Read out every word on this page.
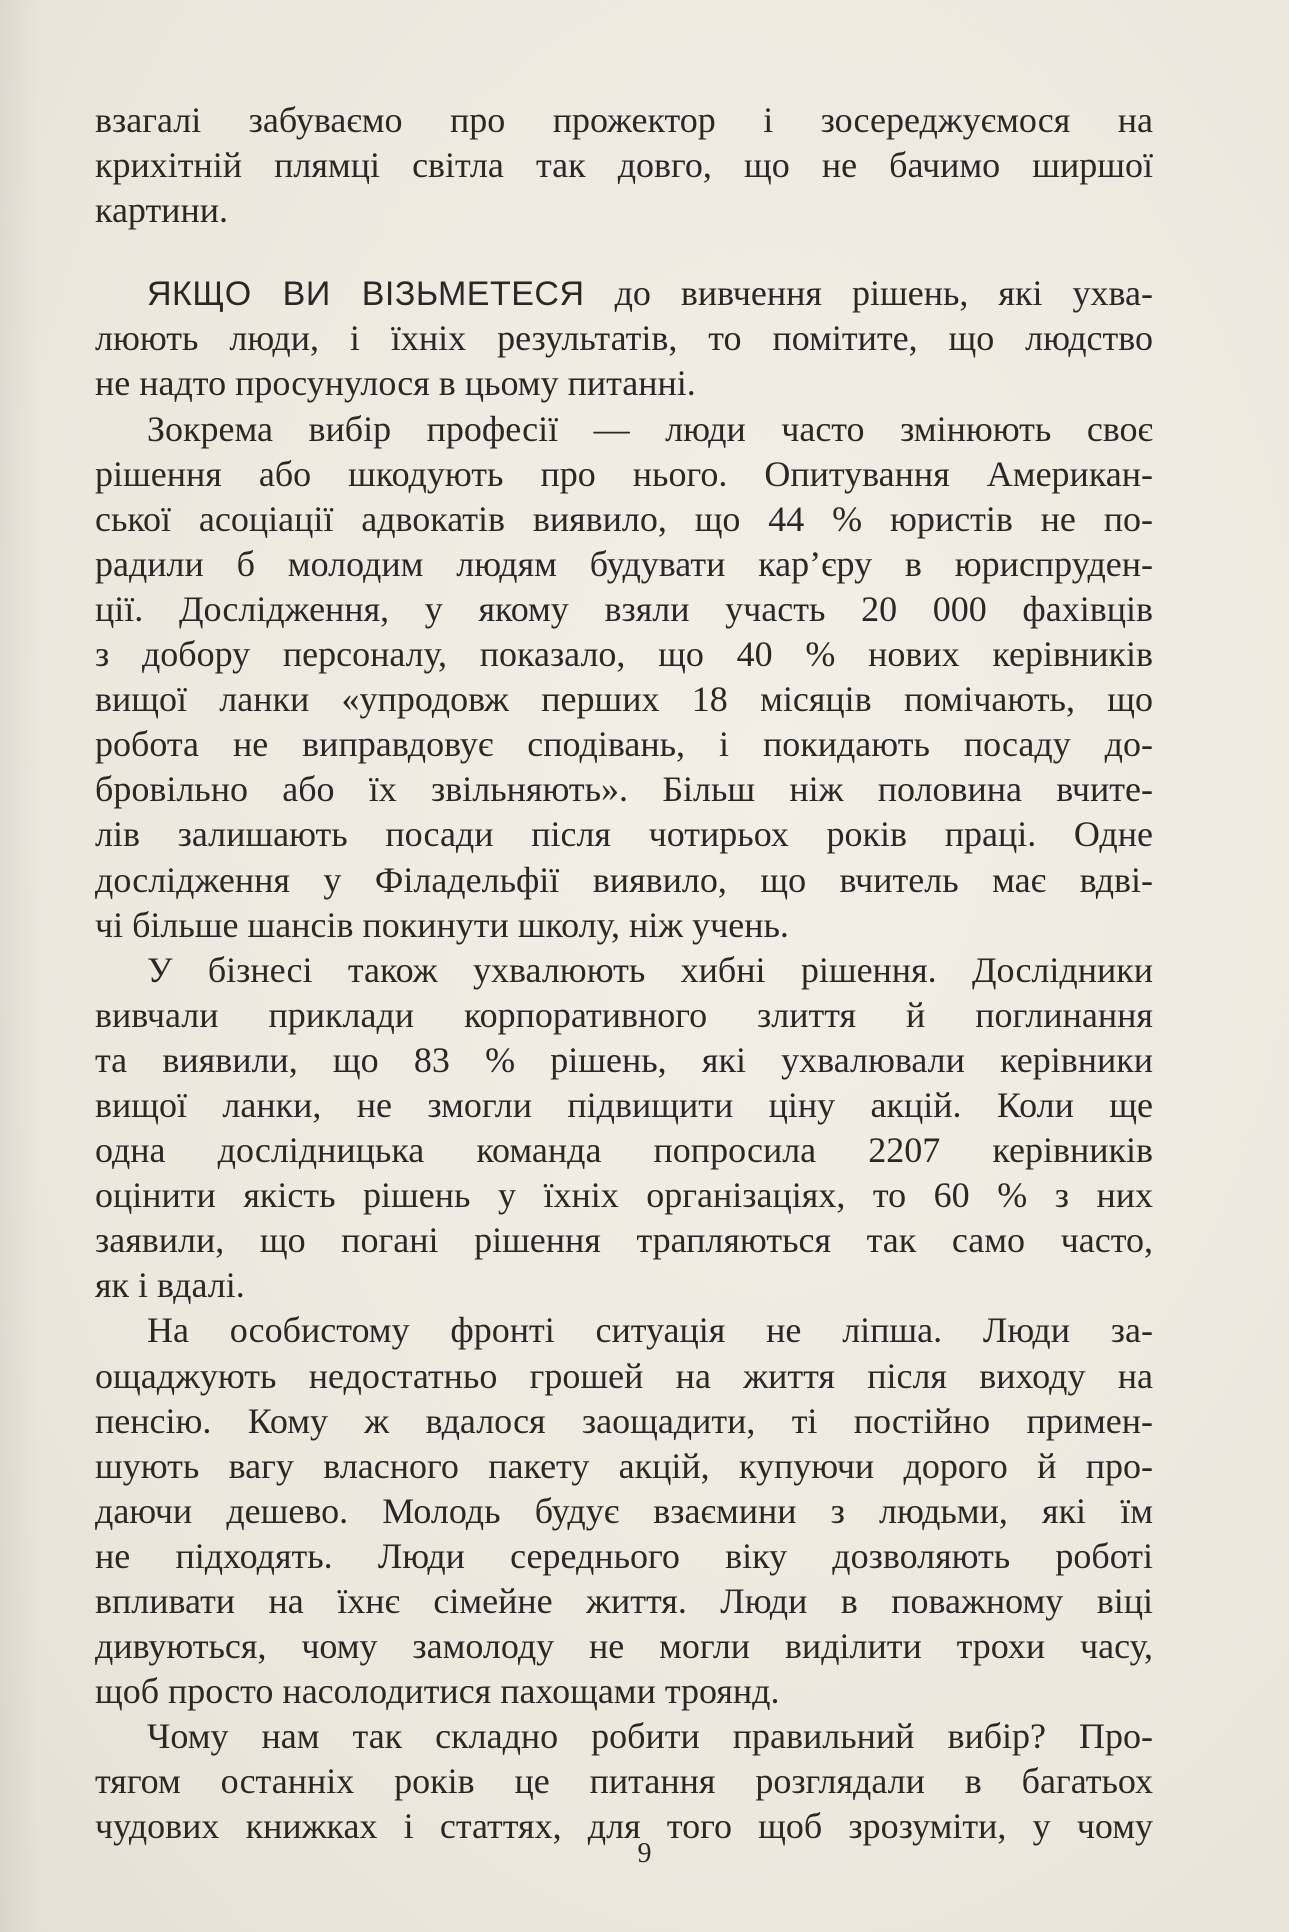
взагалі забуваємо про прожектор і зосереджуємося на
крихітній плямці світла так довго, що не бачимо ширшої
картини.
ЯКЩО ВИ ВІЗЬМЕТЕСЯ до вивчення рішень, які ухва-
люють люди, і їхніх результатів, то помітите, що людство
не надто просунулося в цьому питанні.
Зокрема вибір професії — люди часто змінюють своє
рішення або шкодують про нього. Опитування Американ-
ської асоціації адвокатів виявило, що 44 % юристів не по-
радили б молодим людям будувати кар’єру в юриспруден-
ції. Дослідження, у якому взяли участь 20 000 фахівців
з добору персоналу, показало, що 40 % нових керівників
вищої ланки «упродовж перших 18 місяців помічають, що
робота не виправдовує сподівань, і покидають посаду до-
бровільно або їх звільняють». Більш ніж половина вчите-
лів залишають посади після чотирьох років праці. Одне
дослідження у Філадельфії виявило, що вчитель має вдві-
чі більше шансів покинути школу, ніж учень.
У бізнесі також ухвалюють хибні рішення. Дослідники
вивчали приклади корпоративного злиття й поглинання
та виявили, що 83 % рішень, які ухвалювали керівники
вищої ланки, не змогли підвищити ціну акцій. Коли ще
одна дослідницька команда попросила 2207 керівників
оцінити якість рішень у їхніх організаціях, то 60 % з них
заявили, що погані рішення трапляються так само часто,
як і вдалі.
На особистому фронті ситуація не ліпша. Люди за-
ощаджують недостатньо грошей на життя після виходу на
пенсію. Кому ж вдалося заощадити, ті постійно примен-
шують вагу власного пакету акцій, купуючи дорого й про-
даючи дешево. Молодь будує взаємини з людьми, які їм
не підходять. Люди середнього віку дозволяють роботі
впливати на їхнє сімейне життя. Люди в поважному віці
дивуються, чому замолоду не могли виділити трохи часу,
щоб просто насолодитися пахощами троянд.
Чому нам так складно робити правильний вибір? Про-
тягом останніх років це питання розглядали в багатьох
чудових книжках і статтях, для того щоб зрозуміти, у чому
9
